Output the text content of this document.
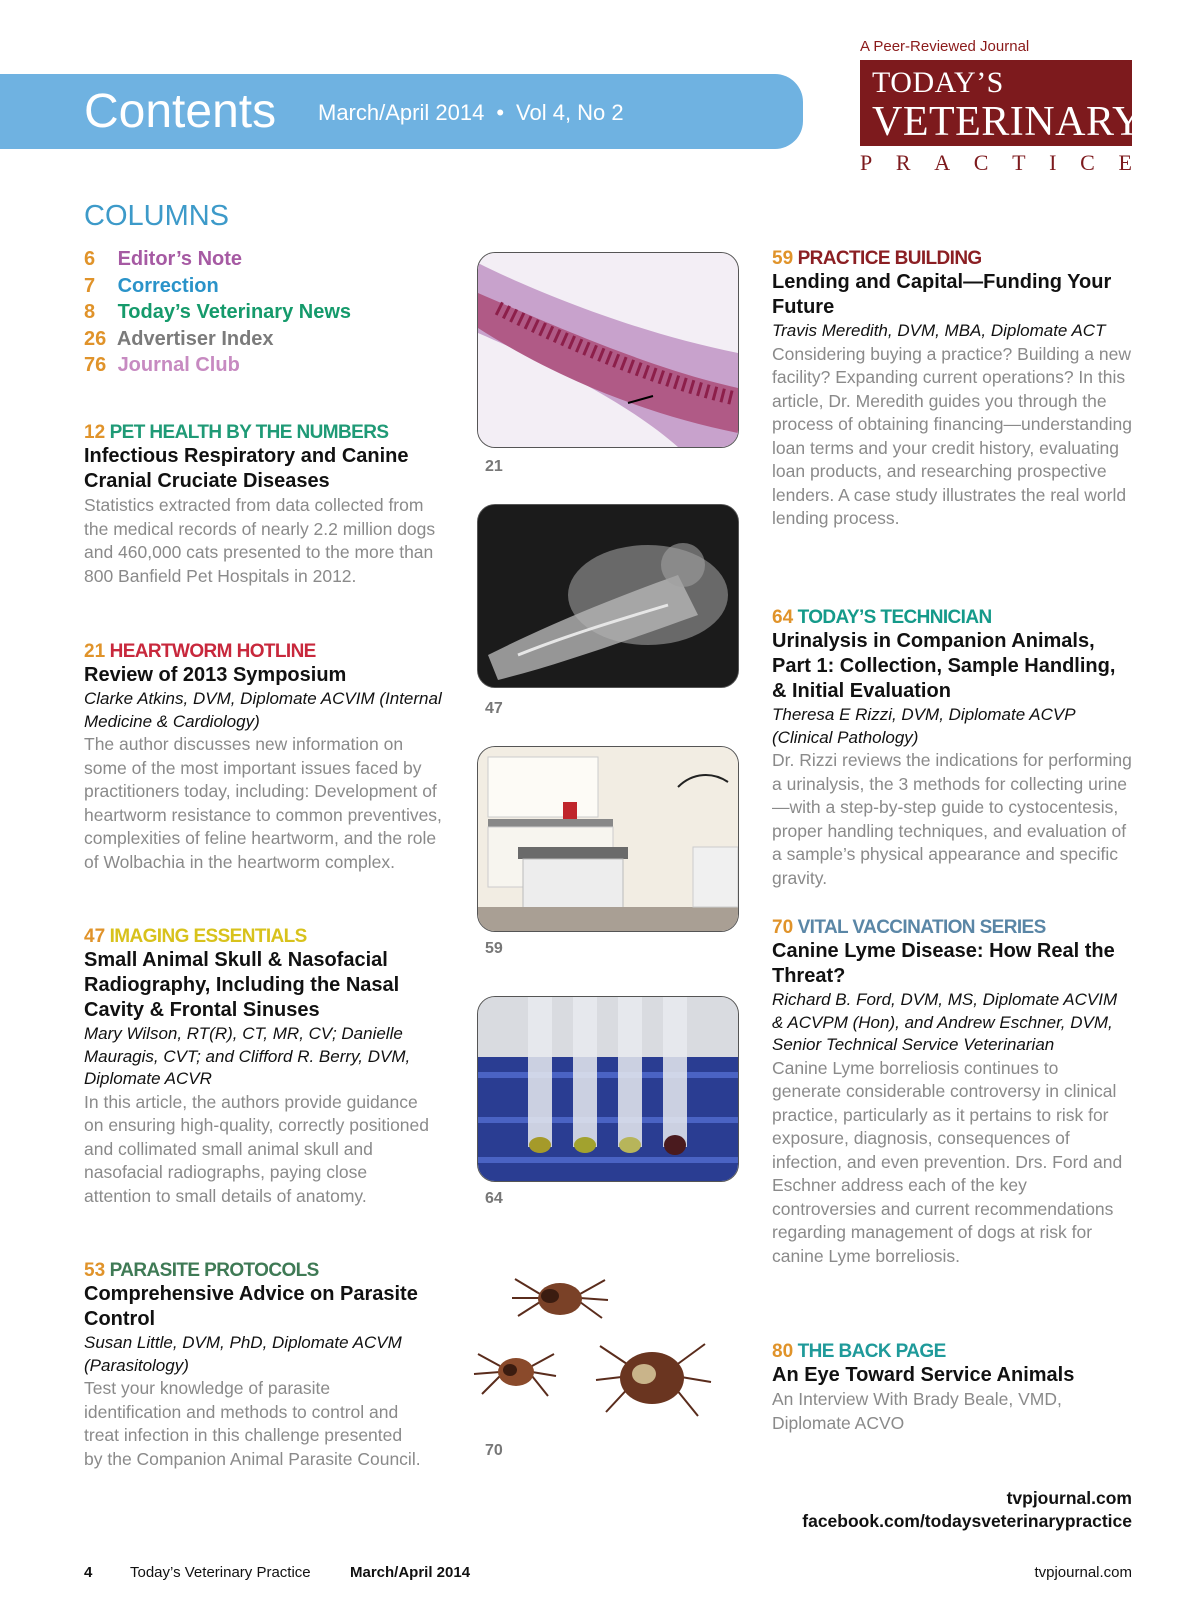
Contents March/April 2014 • Vol 4, No 2
A Peer-Reviewed Journal
TODAY’S
VETERINARY
P R A C T I C E
COLUMNS
6 Editor’s Note
7 Correction
8 Today’s Veterinary News
26 Advertiser Index
76 Journal Club
12 PET HEALTH BY THE NUMBERS
Infectious Respiratory and Canine Cranial Cruciate Diseases
Statistics extracted from data collected from the medical records of nearly 2.2 million dogs and 460,000 cats presented to the more than 800 Banfield Pet Hospitals in 2012.
21 HEARTWORM HOTLINE
Review of 2013 Symposium
Clarke Atkins, DVM, Diplomate ACVIM (Internal Medicine & Cardiology)
The author discusses new information on some of the most important issues faced by practitioners today, including: Development of heartworm resistance to common preventives, complexities of feline heartworm, and the role of Wolbachia in the heartworm complex.
47 IMAGING ESSENTIALS
Small Animal Skull & Nasofacial Radiography, Including the Nasal Cavity & Frontal Sinuses
Mary Wilson, RT(R), CT, MR, CV; Danielle Mauragis, CVT; and Clifford R. Berry, DVM, Diplomate ACVR
In this article, the authors provide guidance on ensuring high-quality, correctly positioned and collimated small animal skull and nasofacial radiographs, paying close attention to small details of anatomy.
53 PARASITE PROTOCOLS
Comprehensive Advice on Parasite Control
Susan Little, DVM, PhD, Diplomate ACVM (Parasitology)
Test your knowledge of parasite identification and methods to control and treat infection in this challenge presented by the Companion Animal Parasite Council.
21
47
59
64
70
59 PRACTICE BUILDING
Lending and Capital—Funding Your Future
Travis Meredith, DVM, MBA, Diplomate ACT
Considering buying a practice? Building a new facility? Expanding current operations? In this article, Dr. Meredith guides you through the process of obtaining financing—understanding loan terms and your credit history, evaluating loan products, and researching prospective lenders. A case study illustrates the real world lending process.
64 TODAY’S TECHNICIAN
Urinalysis in Companion Animals, Part 1: Collection, Sample Handling, & Initial Evaluation
Theresa E Rizzi, DVM, Diplomate ACVP (Clinical Pathology)
Dr. Rizzi reviews the indications for performing a urinalysis, the 3 methods for collecting urine—with a step-by-step guide to cystocentesis, proper handling techniques, and evaluation of a sample’s physical appearance and specific gravity.
70 VITAL VACCINATION SERIES
Canine Lyme Disease: How Real the Threat?
Richard B. Ford, DVM, MS, Diplomate ACVIM & ACVPM (Hon), and Andrew Eschner, DVM, Senior Technical Service Veterinarian
Canine Lyme borreliosis continues to generate considerable controversy in clinical practice, particularly as it pertains to risk for exposure, diagnosis, consequences of infection, and even prevention. Drs. Ford and Eschner address each of the key controversies and current recommendations regarding management of dogs at risk for canine Lyme borreliosis.
80 THE BACK PAGE
An Eye Toward Service Animals
An Interview With Brady Beale, VMD, Diplomate ACVO
tvpjournal.com
facebook.com/todaysveterinarypractice
4	Today’s Veterinary Practice	March/April 2014	tvpjournal.com
